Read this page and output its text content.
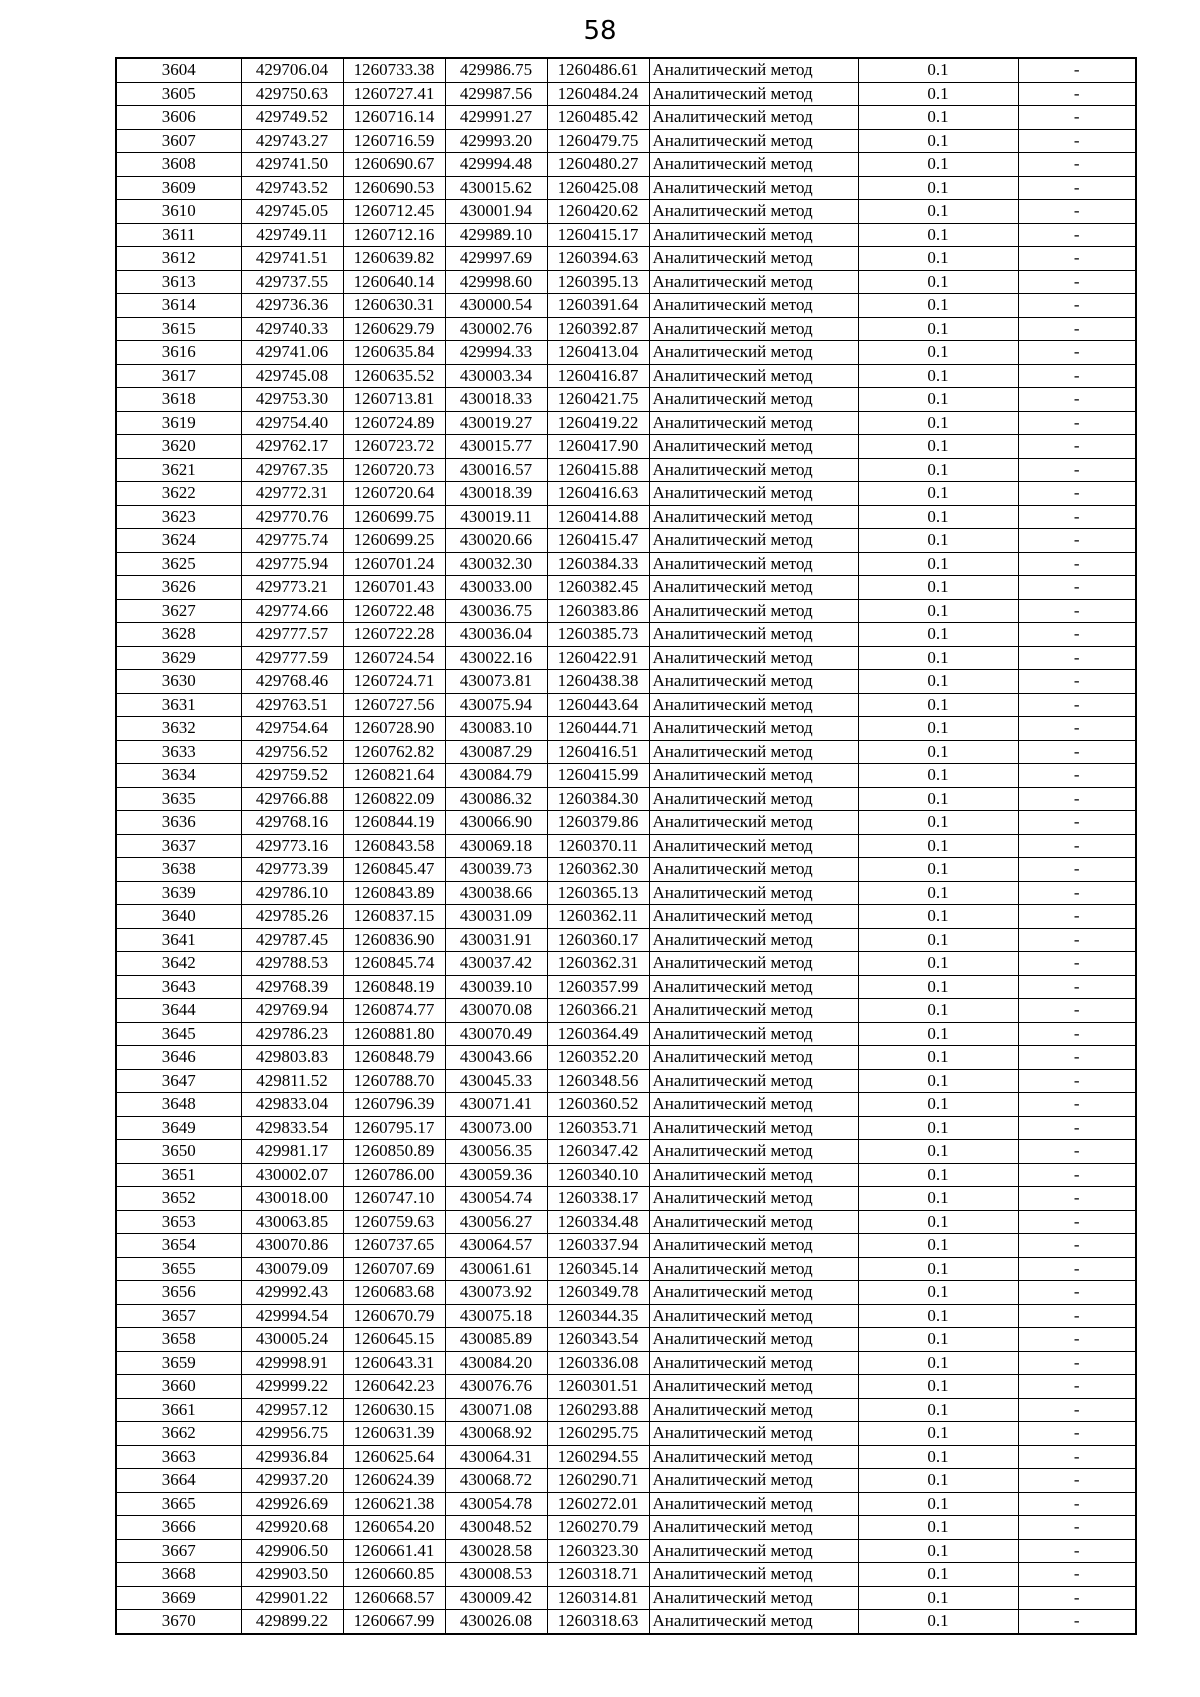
58
3604	429706.04	1260733.38	429986.75	1260486.61	Аналитический метод	0.1	-
3605	429750.63	1260727.41	429987.56	1260484.24	Аналитический метод	0.1	-
3606	429749.52	1260716.14	429991.27	1260485.42	Аналитический метод	0.1	-
3607	429743.27	1260716.59	429993.20	1260479.75	Аналитический метод	0.1	-
3608	429741.50	1260690.67	429994.48	1260480.27	Аналитический метод	0.1	-
3609	429743.52	1260690.53	430015.62	1260425.08	Аналитический метод	0.1	-
3610	429745.05	1260712.45	430001.94	1260420.62	Аналитический метод	0.1	-
3611	429749.11	1260712.16	429989.10	1260415.17	Аналитический метод	0.1	-
3612	429741.51	1260639.82	429997.69	1260394.63	Аналитический метод	0.1	-
3613	429737.55	1260640.14	429998.60	1260395.13	Аналитический метод	0.1	-
3614	429736.36	1260630.31	430000.54	1260391.64	Аналитический метод	0.1	-
3615	429740.33	1260629.79	430002.76	1260392.87	Аналитический метод	0.1	-
3616	429741.06	1260635.84	429994.33	1260413.04	Аналитический метод	0.1	-
3617	429745.08	1260635.52	430003.34	1260416.87	Аналитический метод	0.1	-
3618	429753.30	1260713.81	430018.33	1260421.75	Аналитический метод	0.1	-
3619	429754.40	1260724.89	430019.27	1260419.22	Аналитический метод	0.1	-
3620	429762.17	1260723.72	430015.77	1260417.90	Аналитический метод	0.1	-
3621	429767.35	1260720.73	430016.57	1260415.88	Аналитический метод	0.1	-
3622	429772.31	1260720.64	430018.39	1260416.63	Аналитический метод	0.1	-
3623	429770.76	1260699.75	430019.11	1260414.88	Аналитический метод	0.1	-
3624	429775.74	1260699.25	430020.66	1260415.47	Аналитический метод	0.1	-
3625	429775.94	1260701.24	430032.30	1260384.33	Аналитический метод	0.1	-
3626	429773.21	1260701.43	430033.00	1260382.45	Аналитический метод	0.1	-
3627	429774.66	1260722.48	430036.75	1260383.86	Аналитический метод	0.1	-
3628	429777.57	1260722.28	430036.04	1260385.73	Аналитический метод	0.1	-
3629	429777.59	1260724.54	430022.16	1260422.91	Аналитический метод	0.1	-
3630	429768.46	1260724.71	430073.81	1260438.38	Аналитический метод	0.1	-
3631	429763.51	1260727.56	430075.94	1260443.64	Аналитический метод	0.1	-
3632	429754.64	1260728.90	430083.10	1260444.71	Аналитический метод	0.1	-
3633	429756.52	1260762.82	430087.29	1260416.51	Аналитический метод	0.1	-
3634	429759.52	1260821.64	430084.79	1260415.99	Аналитический метод	0.1	-
3635	429766.88	1260822.09	430086.32	1260384.30	Аналитический метод	0.1	-
3636	429768.16	1260844.19	430066.90	1260379.86	Аналитический метод	0.1	-
3637	429773.16	1260843.58	430069.18	1260370.11	Аналитический метод	0.1	-
3638	429773.39	1260845.47	430039.73	1260362.30	Аналитический метод	0.1	-
3639	429786.10	1260843.89	430038.66	1260365.13	Аналитический метод	0.1	-
3640	429785.26	1260837.15	430031.09	1260362.11	Аналитический метод	0.1	-
3641	429787.45	1260836.90	430031.91	1260360.17	Аналитический метод	0.1	-
3642	429788.53	1260845.74	430037.42	1260362.31	Аналитический метод	0.1	-
3643	429768.39	1260848.19	430039.10	1260357.99	Аналитический метод	0.1	-
3644	429769.94	1260874.77	430070.08	1260366.21	Аналитический метод	0.1	-
3645	429786.23	1260881.80	430070.49	1260364.49	Аналитический метод	0.1	-
3646	429803.83	1260848.79	430043.66	1260352.20	Аналитический метод	0.1	-
3647	429811.52	1260788.70	430045.33	1260348.56	Аналитический метод	0.1	-
3648	429833.04	1260796.39	430071.41	1260360.52	Аналитический метод	0.1	-
3649	429833.54	1260795.17	430073.00	1260353.71	Аналитический метод	0.1	-
3650	429981.17	1260850.89	430056.35	1260347.42	Аналитический метод	0.1	-
3651	430002.07	1260786.00	430059.36	1260340.10	Аналитический метод	0.1	-
3652	430018.00	1260747.10	430054.74	1260338.17	Аналитический метод	0.1	-
3653	430063.85	1260759.63	430056.27	1260334.48	Аналитический метод	0.1	-
3654	430070.86	1260737.65	430064.57	1260337.94	Аналитический метод	0.1	-
3655	430079.09	1260707.69	430061.61	1260345.14	Аналитический метод	0.1	-
3656	429992.43	1260683.68	430073.92	1260349.78	Аналитический метод	0.1	-
3657	429994.54	1260670.79	430075.18	1260344.35	Аналитический метод	0.1	-
3658	430005.24	1260645.15	430085.89	1260343.54	Аналитический метод	0.1	-
3659	429998.91	1260643.31	430084.20	1260336.08	Аналитический метод	0.1	-
3660	429999.22	1260642.23	430076.76	1260301.51	Аналитический метод	0.1	-
3661	429957.12	1260630.15	430071.08	1260293.88	Аналитический метод	0.1	-
3662	429956.75	1260631.39	430068.92	1260295.75	Аналитический метод	0.1	-
3663	429936.84	1260625.64	430064.31	1260294.55	Аналитический метод	0.1	-
3664	429937.20	1260624.39	430068.72	1260290.71	Аналитический метод	0.1	-
3665	429926.69	1260621.38	430054.78	1260272.01	Аналитический метод	0.1	-
3666	429920.68	1260654.20	430048.52	1260270.79	Аналитический метод	0.1	-
3667	429906.50	1260661.41	430028.58	1260323.30	Аналитический метод	0.1	-
3668	429903.50	1260660.85	430008.53	1260318.71	Аналитический метод	0.1	-
3669	429901.22	1260668.57	430009.42	1260314.81	Аналитический метод	0.1	-
3670	429899.22	1260667.99	430026.08	1260318.63	Аналитический метод	0.1	-
